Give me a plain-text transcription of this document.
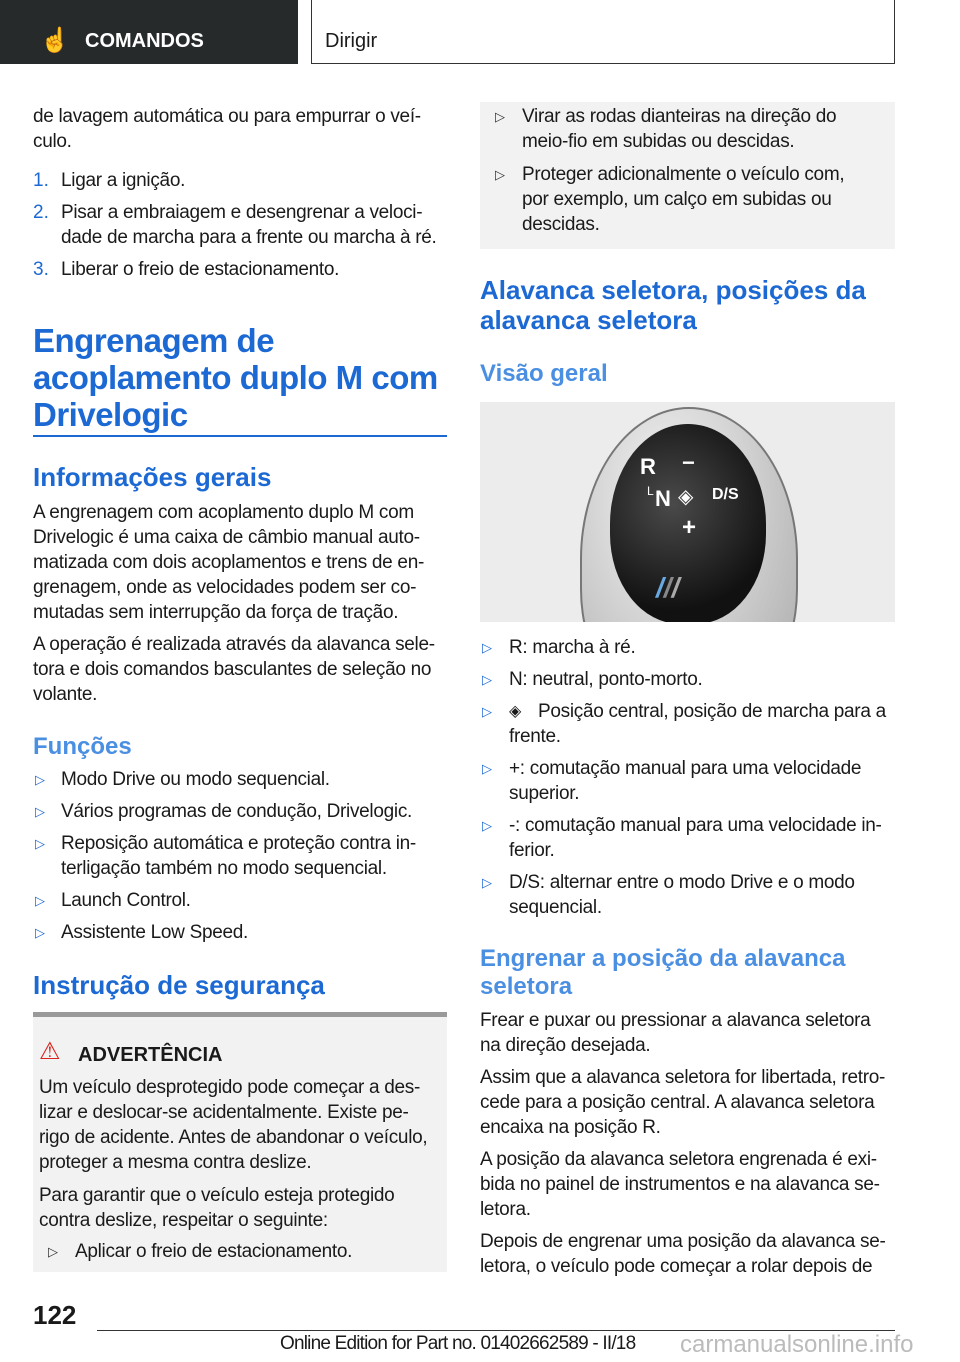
☝ COMANDOS	Dirigir
de lavagem automática ou para empurrar o veí-
culo.
1. Ligar a ignição.
2. Pisar a embraiagem e desengrenar a veloci-
dade de marcha para a frente ou marcha à ré.
3. Liberar o freio de estacionamento.
Engrenagem de
acoplamento duplo M com
Drivelogic
Informações gerais
A engrenagem com acoplamento duplo M com
Drivelogic é uma caixa de câmbio manual auto-
matizada com dois acoplamentos e trens de en-
grenagem, onde as velocidades podem ser co-
mutadas sem interrupção da força de tração.
A operação é realizada através da alavanca sele-
tora e dois comandos basculantes de seleção no
volante.
Funções
▷ Modo Drive ou modo sequencial.
▷ Vários programas de condução, Drivelogic.
▷ Reposição automática e proteção contra in-
terligação também no modo sequencial.
▷ Launch Control.
▷ Assistente Low Speed.
Instrução de segurança
⚠ ADVERTÊNCIA
Um veículo desprotegido pode começar a des-
lizar e deslocar-se acidentalmente. Existe pe-
rigo de acidente. Antes de abandonar o veículo,
proteger a mesma contra deslize.
Para garantir que o veículo esteja protegido
contra deslize, respeitar o seguinte:
▷ Aplicar o freio de estacionamento.
▷ Virar as rodas dianteiras na direção do
meio-fio em subidas ou descidas.
▷ Proteger adicionalmente o veículo com,
por exemplo, um calço em subidas ou
descidas.
Alavanca seletora, posições da
alavanca seletora
Visão geral
R −
L N ◈ D/S
+
///
▷ R: marcha à ré.
▷ N: neutral, ponto-morto.
▷ ◈ Posição central, posição de marcha para a
frente.
▷ +: comutação manual para uma velocidade
superior.
▷ -: comutação manual para uma velocidade in-
ferior.
▷ D/S: alternar entre o modo Drive e o modo
sequencial.
Engrenar a posição da alavanca
seletora
Frear e puxar ou pressionar a alavanca seletora
na direção desejada.
Assim que a alavanca seletora for libertada, retro-
cede para a posição central. A alavanca seletora
encaixa na posição R.
A posição da alavanca seletora engrenada é exi-
bida no painel de instrumentos e na alavanca se-
letora.
Depois de engrenar uma posição da alavanca se-
letora, o veículo pode começar a rolar depois de
122
Online Edition for Part no. 01402662589 - II/18 carmanualsonline.info
